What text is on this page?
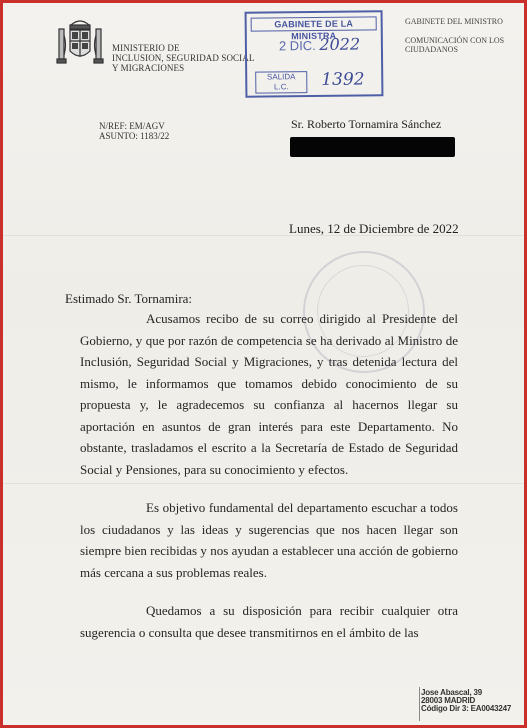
MINISTERIO DE
INCLUSION, SEGURIDAD SOCIAL
Y MIGRACIONES
GABINETE DE LA MINISTRA
2 DIC. 2022
SALIDA
L.C.	1392
GABINETE DEL MINISTRO
COMUNICACIÓN CON LOS
CIUDADANOS
N/REF: EM/AGV
ASUNTO: 1183/22
Sr. Roberto Tornamira Sánchez
Lunes, 12 de Diciembre de 2022
Estimado Sr. Tornamira:

Acusamos recibo de su correo dirigido al Presidente del Gobierno, y que por razón de competencia se ha derivado al Ministro de Inclusión, Seguridad Social y Migraciones, y tras detenida lectura del mismo, le informamos que tomamos debido conocimiento de su propuesta y, le agradecemos su confianza al hacernos llegar su aportación en asuntos de gran interés para este Departamento. No obstante, trasladamos el escrito a la Secretaría de Estado de Seguridad Social y Pensiones, para su conocimiento y efectos.

Es objetivo fundamental del departamento escuchar a todos los ciudadanos y las ideas y sugerencias que nos hacen llegar son siempre bien recibidas y nos ayudan a establecer una acción de gobierno más cercana a sus problemas reales.

Quedamos a su disposición para recibir cualquier otra sugerencia o consulta que desee transmitirnos en el ámbito de las

Jose Abascal, 39
28003 MADRID
Código Dir 3: EA0043247
